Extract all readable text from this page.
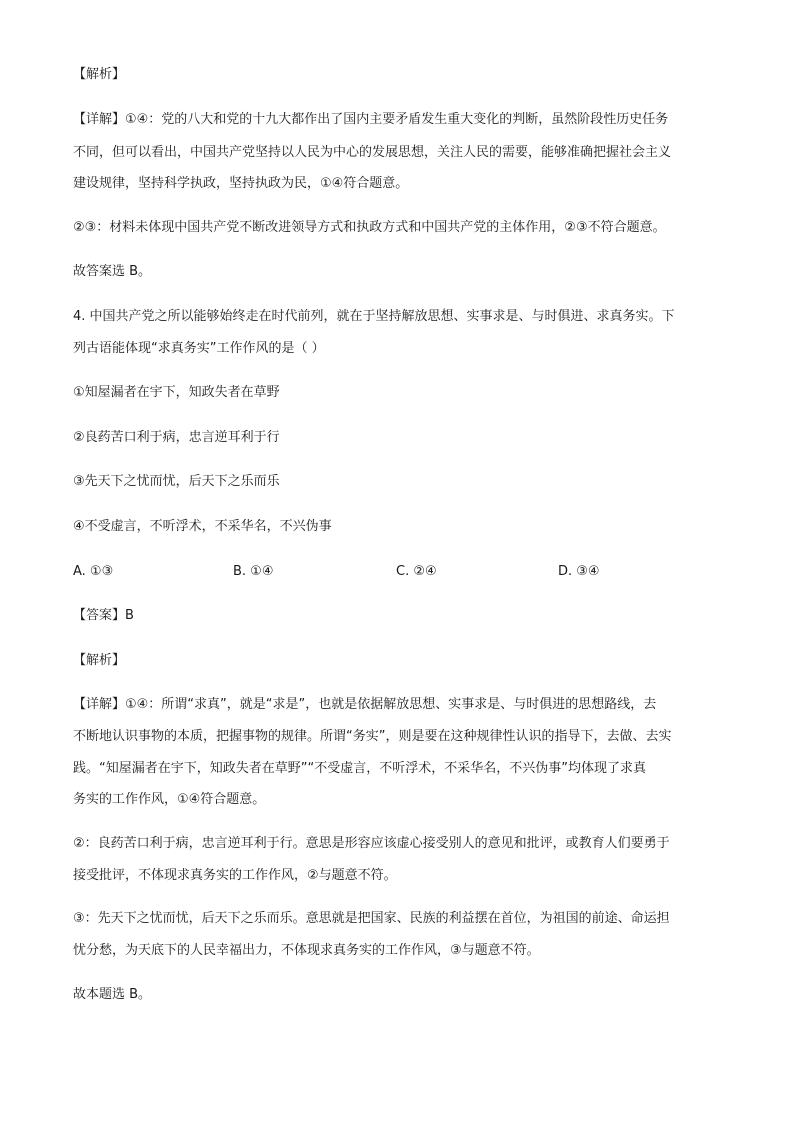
【解析】

【详解】①④：党的八大和党的十九大都作出了国内主要矛盾发生重大变化的判断，虽然阶段性历史任务

不同，但可以看出，中国共产党坚持以人民为中心的发展思想，关注人民的需要，能够准确把握社会主义

建设规律，坚持科学执政，坚持执政为民，①④符合题意。

②③：材料未体现中国共产党不断改进领导方式和执政方式和中国共产党的主体作用，②③不符合题意。

故答案选 B。

4. 中国共产党之所以能够始终走在时代前列，就在于坚持解放思想、实事求是、与时俱进、求真务实。下

列古语能体现“求真务实”工作作风的是（ ）

①知屋漏者在宇下，知政失者在草野

②良药苦口利于病，忠言逆耳利于行

③先天下之忧而忧，后天下之乐而乐

④不受虚言，不听浮术，不采华名，不兴伪事

A. ①③	B. ①④	C. ②④	D. ③④

【答案】B

【解析】

【详解】①④：所谓“求真”，就是“求是”，也就是依据解放思想、实事求是、与时俱进的思想路线，去

不断地认识事物的本质，把握事物的规律。所谓“务实”，则是要在这种规律性认识的指导下，去做、去实

践。“知屋漏者在宇下，知政失者在草野”“不受虚言，不听浮术，不采华名，不兴伪事”均体现了求真

务实的工作作风，①④符合题意。

②：良药苦口利于病，忠言逆耳利于行。意思是形容应该虚心接受别人的意见和批评，或教育人们要勇于

接受批评，不体现求真务实的工作作风，②与题意不符。

③：先天下之忧而忧，后天下之乐而乐。意思就是把国家、民族的利益摆在首位，为祖国的前途、命运担

忧分愁，为天底下的人民幸福出力，不体现求真务实的工作作风，③与题意不符。

故本题选 B。
